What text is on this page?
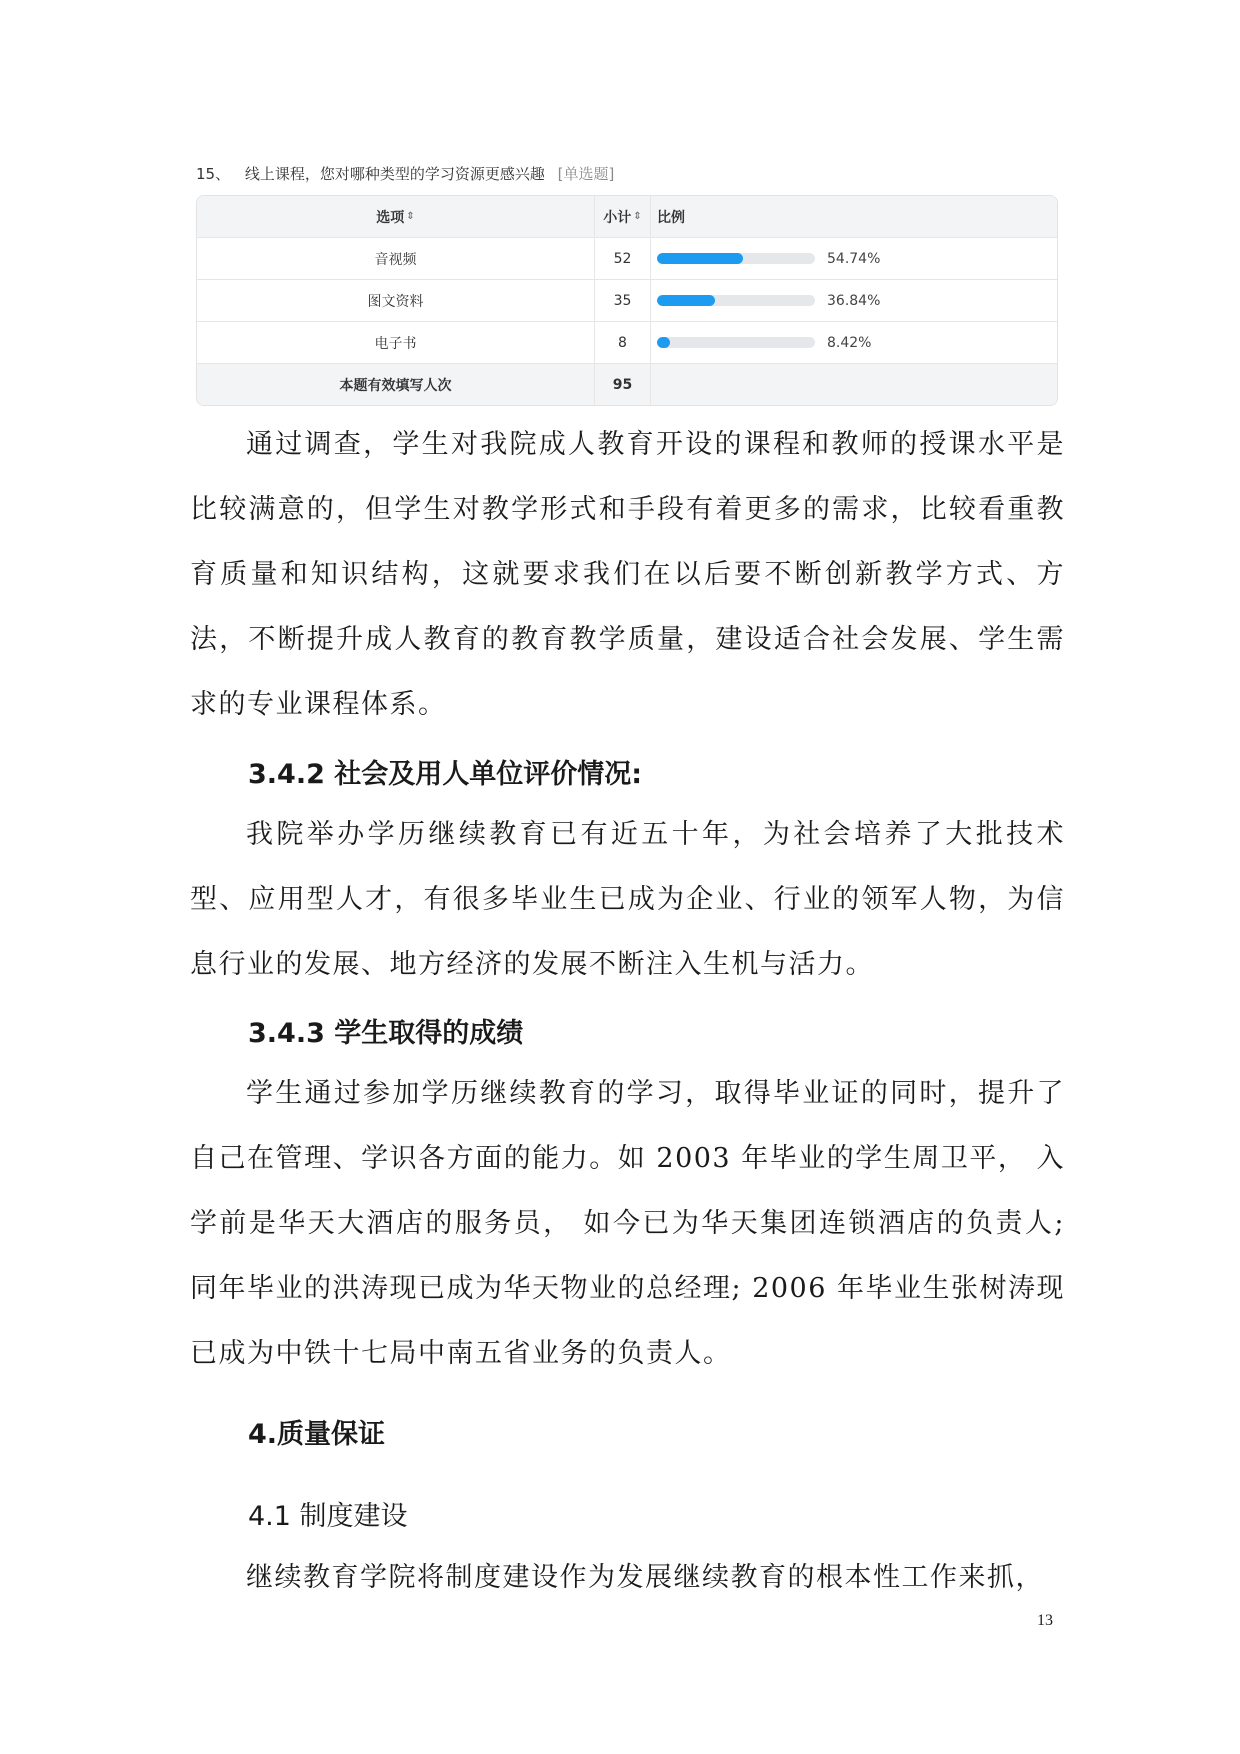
15、 线上课程，您对哪种类型的学习资源更感兴趣 [单选题]
选项 ⇕	小计 ⇕ 比例
音视频	52	54.74%
图文资料	35	36.84%
电子书	8	8.42%
本题有效填写人次	95

通过调查，学生对我院成人教育开设的课程和教师的授课水平是比较满意的，但学生对教学形式和手段有着更多的需求，比较看重教育质量和知识结构，这就要求我们在以后要不断创新教学方式、方法，不断提升成人教育的教育教学质量，建设适合社会发展、学生需求的专业课程体系。

3.4.2 社会及用人单位评价情况:

我院举办学历继续教育已有近五十年，为社会培养了大批技术型、应用型人才，有很多毕业生已成为企业、行业的领军人物，为信息行业的发展、地方经济的发展不断注入生机与活力。

3.4.3 学生取得的成绩

学生通过参加学历继续教育的学习，取得毕业证的同时，提升了自己在管理、学识各方面的能力。如 2003 年毕业的学生周卫平， 入学前是华天大酒店的服务员， 如今已为华天集团连锁酒店的负责人; 同年毕业的洪涛现已成为华天物业的总经理; 2006 年毕业生张树涛现已成为中铁十七局中南五省业务的负责人。

4.质量保证
4.1 制度建设

继续教育学院将制度建设作为发展继续教育的根本性工作来抓，

13
